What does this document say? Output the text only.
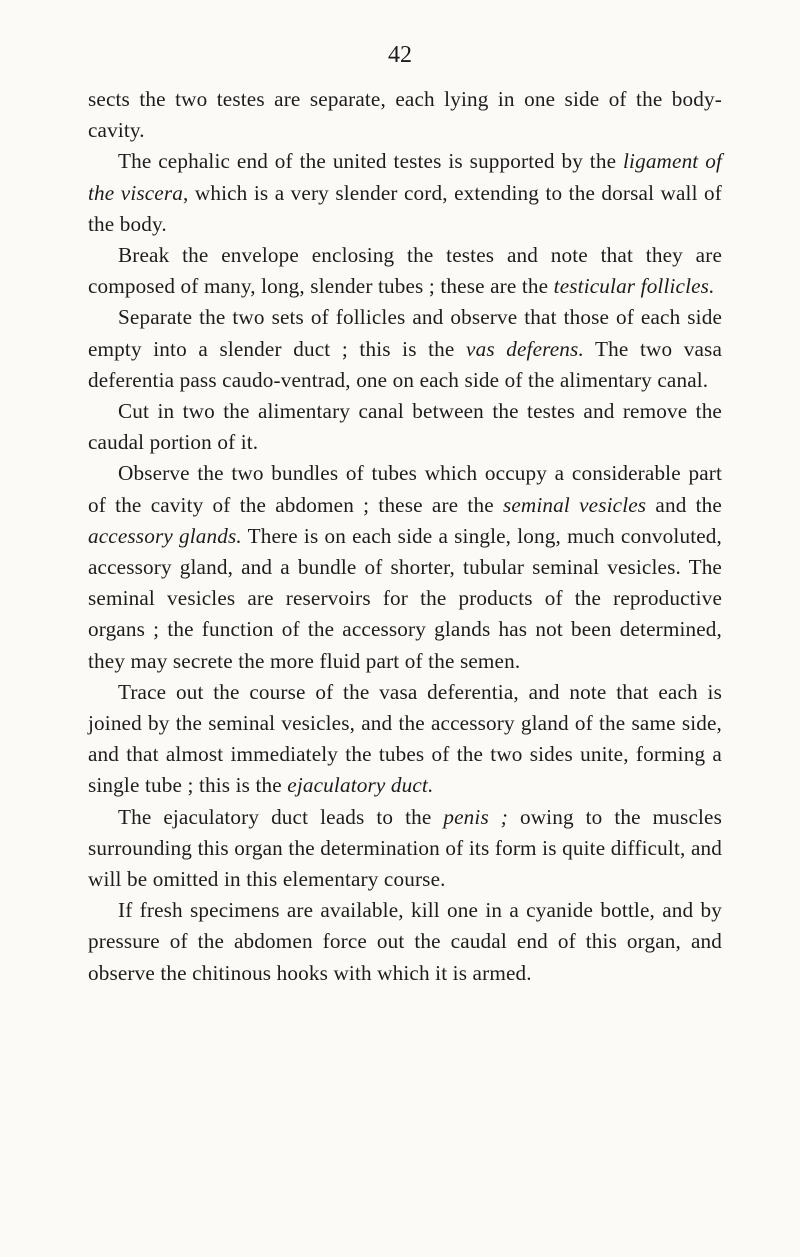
42

sects the two testes are separate, each lying in one side of the body-cavity.

The cephalic end of the united testes is supported by the ligament of the viscera, which is a very slender cord, extending to the dorsal wall of the body.

Break the envelope enclosing the testes and note that they are composed of many, long, slender tubes ; these are the testicular follicles.

Separate the two sets of follicles and observe that those of each side empty into a slender duct ; this is the vas deferens. The two vasa deferentia pass caudo-ventrad, one on each side of the alimentary canal.

Cut in two the alimentary canal between the testes and remove the caudal portion of it.

Observe the two bundles of tubes which occupy a considerable part of the cavity of the abdomen ; these are the seminal vesicles and the accessory glands. There is on each side a single, long, much convoluted, accessory gland, and a bundle of shorter, tubular seminal vesicles. The seminal vesicles are reservoirs for the products of the reproductive organs ; the function of the accessory glands has not been determined, they may secrete the more fluid part of the semen.

Trace out the course of the vasa deferentia, and note that each is joined by the seminal vesicles, and the accessory gland of the same side, and that almost immediately the tubes of the two sides unite, forming a single tube ; this is the ejaculatory duct.

The ejaculatory duct leads to the penis ; owing to the muscles surrounding this organ the determination of its form is quite difficult, and will be omitted in this elementary course.

If fresh specimens are available, kill one in a cyanide bottle, and by pressure of the abdomen force out the caudal end of this organ, and observe the chitinous hooks with which it is armed.
